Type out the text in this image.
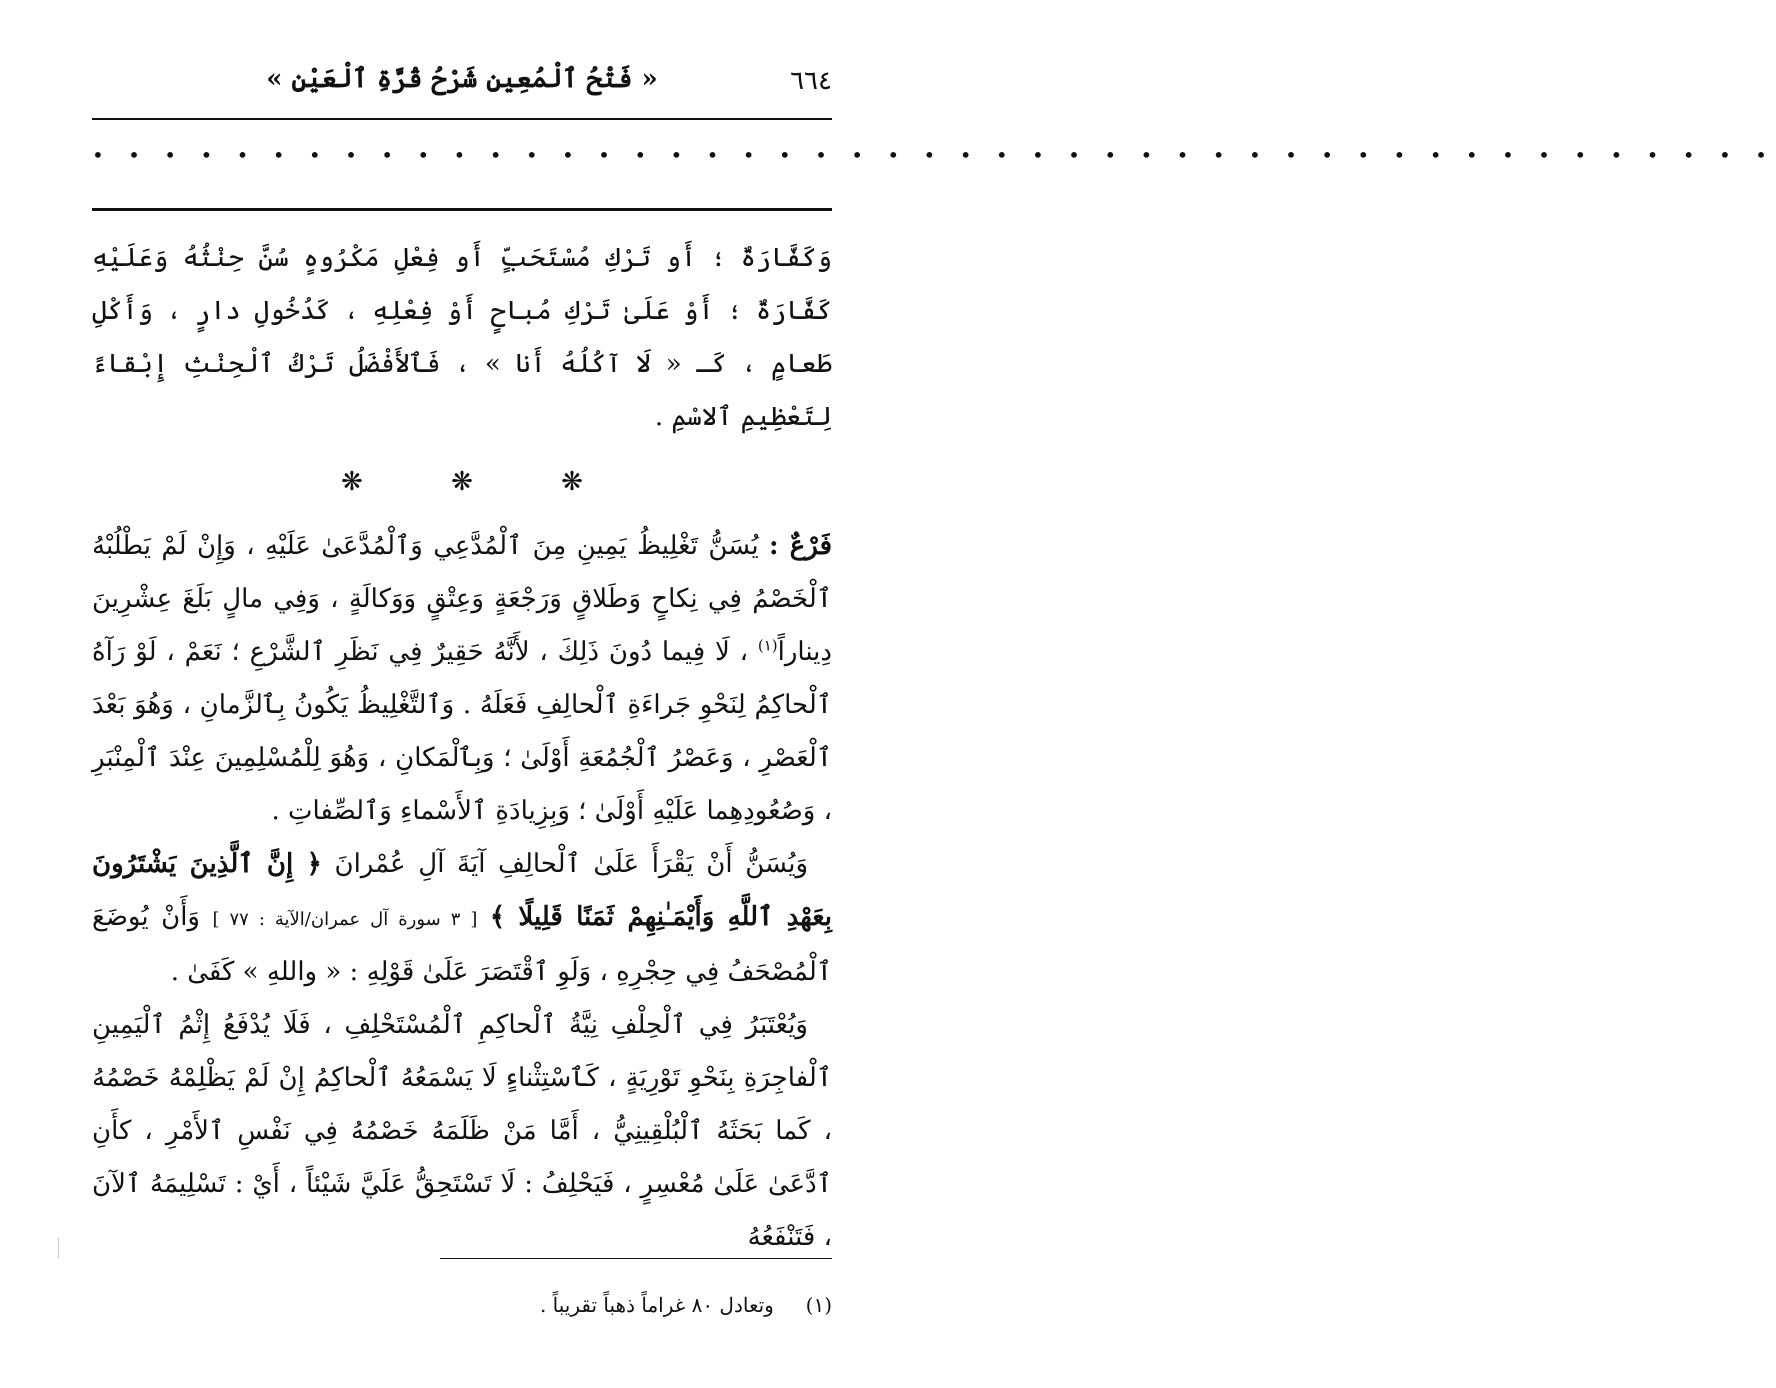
٦٦٤
« فَتْحُ ٱلْمُعِينِ شَرْحُ قُرَّةِ ٱلْعَيْنِ »
• • • • • • • • • • • • • • • • • • • • • • • • • • • • • • • • • • • • • • • • • • • • • • •

وَكَفَّارَةٌ ؛ أَو تَرْكِ مُسْتَحَبٍّ أَو فِعْلِ مَكْرُوهٍ سُنَّ حِنْثُهُ وَعَلَيْهِ كَفَّارَةٌ ؛ أَوْ عَلَىٰ تَرْكِ مُباحٍ أَوْ فِعْلِهِ ، كَدُخُولِ دارٍ ، وَأَكْلِ طَعامٍ ، كَـ « لَا آكُلُهُ أَنا » ، فَٱلأَفْضَلُ تَرْكُ ٱلْحِنْثِ إِبْقاءً لِتَعْظِيمِ ٱلاسْمِ .

❋ ❋ ❋

فَرْعٌ : يُسَنُّ تَغْلِيظُ يَمِينِ مِنَ ٱلْمُدَّعِي وَٱلْمُدَّعَىٰ عَلَيْهِ ، وَإِنْ لَمْ يَطْلُبْهُ ٱلْخَصْمُ فِي نِكاحٍ وَطَلاقٍ وَرَجْعَةٍ وَعِتْقٍ وَوَكالَةٍ ، وَفِي مالٍ بَلَغَ عِشْرِينَ دِيناراً$^{(١)}$ ، لَا فِيما دُونَ ذَلِكَ ، لأَنَّهُ حَقِيرٌ فِي نَظَرِ ٱلشَّرْعِ ؛ نَعَمْ ، لَوْ رَآهُ ٱلْحاكِمُ لِنَحْوِ جَراءَةِ ٱلْحالِفِ فَعَلَهُ . وَٱلتَّغْلِيظُ يَكُونُ بِٱلزَّمانِ ، وَهُوَ بَعْدَ ٱلْعَصْرِ ، وَعَصْرُ ٱلْجُمُعَةِ أَوْلَىٰ ؛ وَبِٱلْمَكانِ ، وَهُوَ لِلْمُسْلِمِينَ عِنْدَ ٱلْمِنْبَرِ ، وَصُعُودِهِما عَلَيْهِ أَوْلَىٰ ؛ وَبِزِيادَةِ ٱلأَسْماءِ وَٱلصِّفاتِ .

وَيُسَنُّ أَنْ يَقْرَأَ عَلَىٰ ٱلْحالِفِ آيَةَ آلِ عُمْرانَ ﴿ إِنَّ ٱلَّذِينَ يَشْتَرُونَ بِعَهْدِ ٱللَّهِ وَأَيْمَـٰنِهِمْ ثَمَنًا قَلِيلًا ﴾ [ ٣ سورة آل عمران/الآية : ٧٧ ] وَأَنْ يُوضَعَ ٱلْمُصْحَفُ فِي حِجْرِهِ ، وَلَوِ ٱقْتَصَرَ عَلَىٰ قَوْلِهِ : « واللهِ » كَفَىٰ .

وَيُعْتَبَرُ فِي ٱلْحِلْفِ نِيَّةُ ٱلْحاكِمِ ٱلْمُسْتَحْلِفِ ، فَلَا يُدْفَعُ إِثْمُ ٱلْيَمِينِ ٱلْفاجِرَةِ بِنَحْوِ تَوْرِيَةٍ ، كَٱسْتِثْناءٍ لَا يَسْمَعُهُ ٱلْحاكِمُ إِنْ لَمْ يَظْلِمْهُ خَصْمُهُ ، كَما بَحَثَهُ ٱلْبُلْقِينِيُّ ، أَمَّا مَنْ ظَلَمَهُ خَصْمُهُ فِي نَفْسِ ٱلأَمْرِ ، كأَنِ ٱدَّعَىٰ عَلَىٰ مُعْسِرٍ ، فَيَحْلِفُ : لَا تَسْتَحِقُّ عَلَيَّ شَيْئاً ، أَيْ : تَسْلِيمَهُ ٱلآنَ ، فَتَنْفَعُهُ

(١)     وتعادل ٨٠ غراماً ذهباً تقريباً .
